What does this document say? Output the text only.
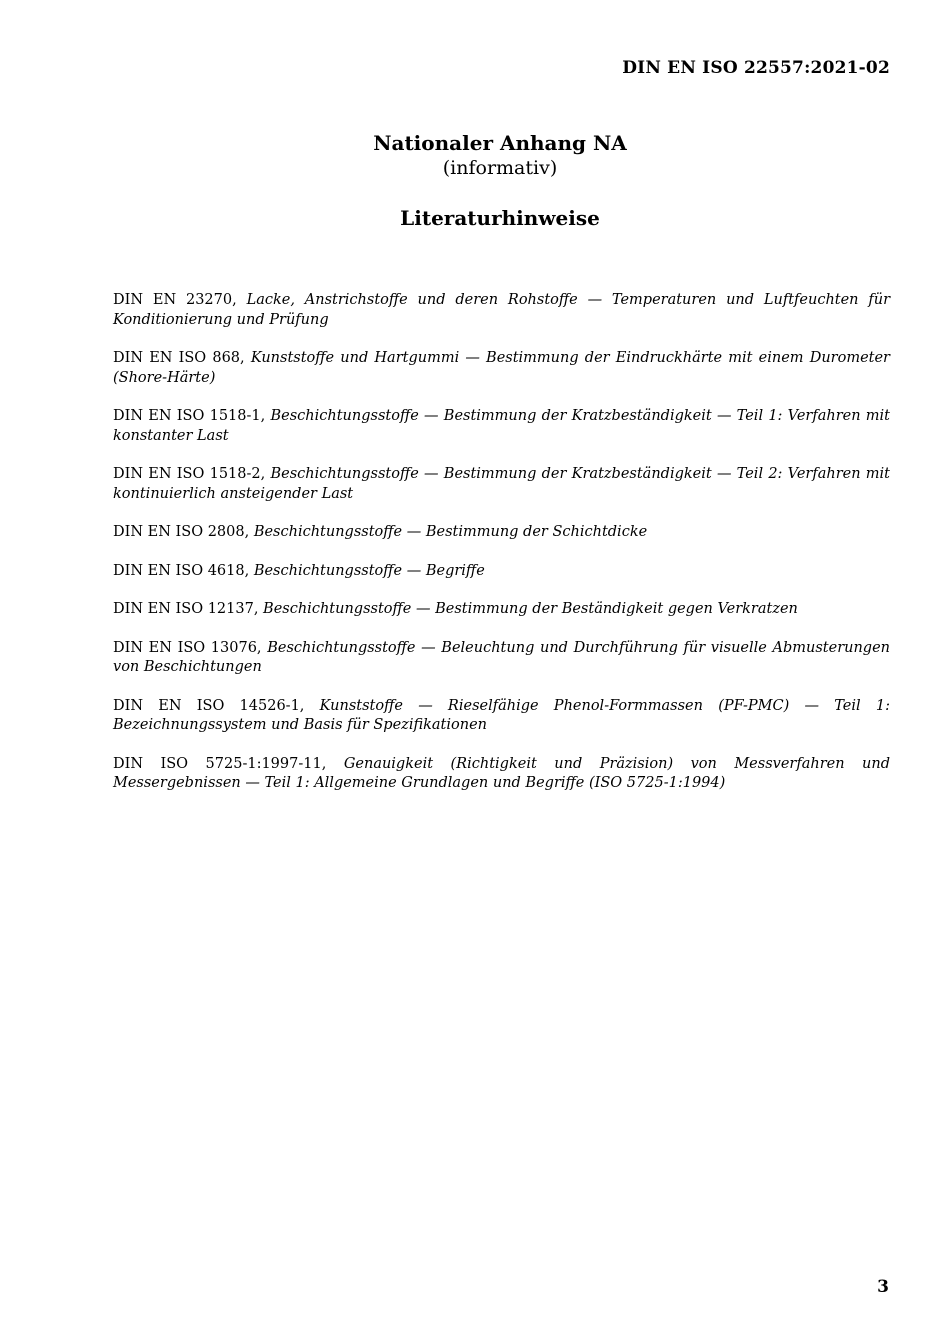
DIN EN ISO 22557:2021-02
Nationaler Anhang NA
(informativ)
Literaturhinweise

DIN EN 23270, Lacke, Anstrichstoffe und deren Rohstoffe — Temperaturen und Luftfeuchten für Konditionierung und Prüfung

DIN EN ISO 868, Kunststoffe und Hartgummi — Bestimmung der Eindruckhärte mit einem Durometer (Shore-Härte)

DIN EN ISO 1518-1, Beschichtungsstoffe — Bestimmung der Kratzbeständigkeit — Teil 1: Verfahren mit konstanter Last

DIN EN ISO 1518-2, Beschichtungsstoffe — Bestimmung der Kratzbeständigkeit — Teil 2: Verfahren mit kontinuierlich ansteigender Last

DIN EN ISO 2808, Beschichtungsstoffe — Bestimmung der Schichtdicke

DIN EN ISO 4618, Beschichtungsstoffe — Begriffe

DIN EN ISO 12137, Beschichtungsstoffe — Bestimmung der Beständigkeit gegen Verkratzen

DIN EN ISO 13076, Beschichtungsstoffe — Beleuchtung und Durchführung für visuelle Abmusterungen von Beschichtungen

DIN EN ISO 14526-1, Kunststoffe — Rieselfähige Phenol-Formmassen (PF-PMC) — Teil 1: Bezeichnungssystem und Basis für Spezifikationen

DIN ISO 5725-1:1997-11, Genauigkeit (Richtigkeit und Präzision) von Messverfahren und Messergebnissen — Teil 1: Allgemeine Grundlagen und Begriffe (ISO 5725-1:1994)

3
